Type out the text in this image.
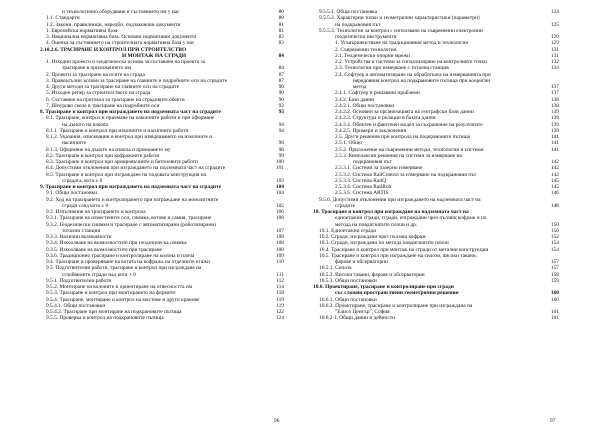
и технологично оборудване и състоянието им у нас	80
1.1. Стандарти	80
1.2. Закони, правилници, наредби, подзаконови документи	81
1. Европейска нормативна база	81
3. Национална нормативна база. Основни нормативни документи	82
4. Оценка за състоянието на строителната нормативна база у нас	83
2.10.2.6. ТРАСИРАНЕ И КОНТРОЛ ПРИ СТРОИТЕЛСТВО
И МОНТАЖ НА СГРАДИ	84
1. Изходни проекти и геодезическа основа за съставяне на проекта за
трасиране в приложението им	84
2. Проекти за трасиране на осите на сграда	87
3. Правоъгълни ъглови за трасиране на главните и подробните оси на сградите	87
4. Други методи за трасиране на главните оси на сградите	90
5. Изходен репер за строителството на сграда	90
6. Съставяне на протокол за трасиране на сградовите обекти	90
7. Шнурово скеле в трасиране на подробните оси	92
8. Трасиране и контрол при изграждането на подземната част на сградите	93
8.1. Трасиране, контрол и приемане на изкопните работи и при оформяне
на дъното на изкопа	94
8.1.1. Трасиране и контрол при изкопните и насипните работи	94
8.1.2. Указания, изисквания и контрол при извършването на изкопните и
насипните	96
8.1.3. Оформяне на дъното на изкопа и приемането му	98
8.2. Трасиране и контрол при кофражните работи	99
8.3. Трасиране и контрол при армировъчните и бетоновите работи	100
8.4. Допустими отклонения при изграждането на подземната част на сградите	101
8.5. Трасиране и контрол при изграждане на подовата конструкция на
сградата, кота ± 0	103
9. Трасиране и контрол при изграждането на надземната част на сградите	104
9.1. Общи постановки	104
9.2. Ход на трасирането и контролирането при изграждане на монолитните
сгради след кота ± 0	105
9.3. Изпълнение на трасирането и контрола	106
9.3.1. Трасиране на изместените оси, снимка, вотове и самия. трасиране	106
9.3.2. Геодезически снимки и трасиране с автоматизирани (роботизирани)
тотални станции	107
9.3.3. Наличии възможности	108
9.3.4. Изкоолване на вьзмоэностите при геодезическа снимка	108
9.3.5. Изкоолване на вьзмоэностите при трасиране	108
9.3.6. Традиционно трасиране и контролиране на колона и плоча	109
9.4. Трасиране и проверяване на котата на кофража на отделните етажи	110
9.5. Подготвителни работи, трасиране и контрол при изграждане на
сглобяемите сгради над кота + 0	111
9.5.1. Подготвителни работи	112
9.5.2. Монтиране на колоните и ориентиране на отвесността им	114
9.5.3. Трасиране и контрол при монтирането на фермите	118
9.5.4. Трасиране, монтиране и контрол на мостове и други кранове	119
9.5.4.1. Общи постановки	119
9.5.4.2. Трасиране при монтиране на подкрановите пътища	122
9.5.5. Проверка и контрол на подкрановите пътища	124
9.5.5.1. Обща постановка	124
9.5.5.2. Характерни точки и геометрични характеристики (параметри)
на подкрановия път	125
9.5.5.3. Технологии за контрол с използване на съвременни електронни
геодезически инструменти	129
1. Усъвършенстване на традиционния метод и технология	129
2. Съвременни технологии	131
2.1. Геодезически опорни мрежи	131
2.2. Устройства и системи за сигнализиране на контролните точки	132
2.3. Технологии при измерване с тотална станция	134
2.4. Софтуер и автоматизиране на обработката на измерванията при
нередовния контрол на подкрановите пътища при кооригни
метод	137
2.4.1. Софтуер и решавани проблеми	137
2.4.2. Бази данни	138
2.4.2.1. Общи постановки	138
2.4.2.2. Основни за организацията на геотрафски бази данни	139
2.4.2.3. Структура и релации в базата данни	139
2.4.2.4. Обектен и фактичен модел за съхранение на резултатите	139
2.4.2.5. Примери и заключения	139
2.5. Други решения при контрола на подкрановите пътища	141
2.5.1. Общо	141
2.5.2. Приложение на съвременни методи, технологии и системи	141
2.5.3. Комплексни решения на системи за измерване на
подкрановия път	142
2.5.3.1. Системи за лазерно измерване	142
2.5.3.2. Система RailControl за измерване на подкрановия път	142
2.5.3.3. Система RailQ	145
2.5.3.4. Система RailRob	145
2.5.3.5. Система ARTIS	146
9.5.6. Допустими отклонения при изграждането на надземната част на
сградите	148
10. Трасиране и контрол при изграждане на надземната част на
едноетажни сгради, сгради, изграждани чрез пълзящ кофраж и по
метода на повдигнатите плочи и др.	150
10.1. Едноетажни сгради	150
10.2. Сгради, изграждани чрез пълзящ кофраж	152
10.3. Сгради, изграждани по метода повдигнатите плочи	154
10.4. Трасиране и контрол при монтаж на сгради от метални конструкции	154
10.5. Трасиране и контрол при изграждане на силози, високи тавани,
фарове и обсерватории	157
10.5.1. Силоза	157
10.5.2. Високи тавани, фарове и обсерватории	158
10.5.3. Общи постановки	159
10.6. Проектиране, трасиране и контролиране при сгради
със сложни пространствени геометрични решения	160
10.6.1. Общи постановки	160
10.6.2. Проектиране, трасиране и контролиране при изграждане на
"Елисо Център", София	161
10.6.2.1. Общи данни и дейности	161
96	97
